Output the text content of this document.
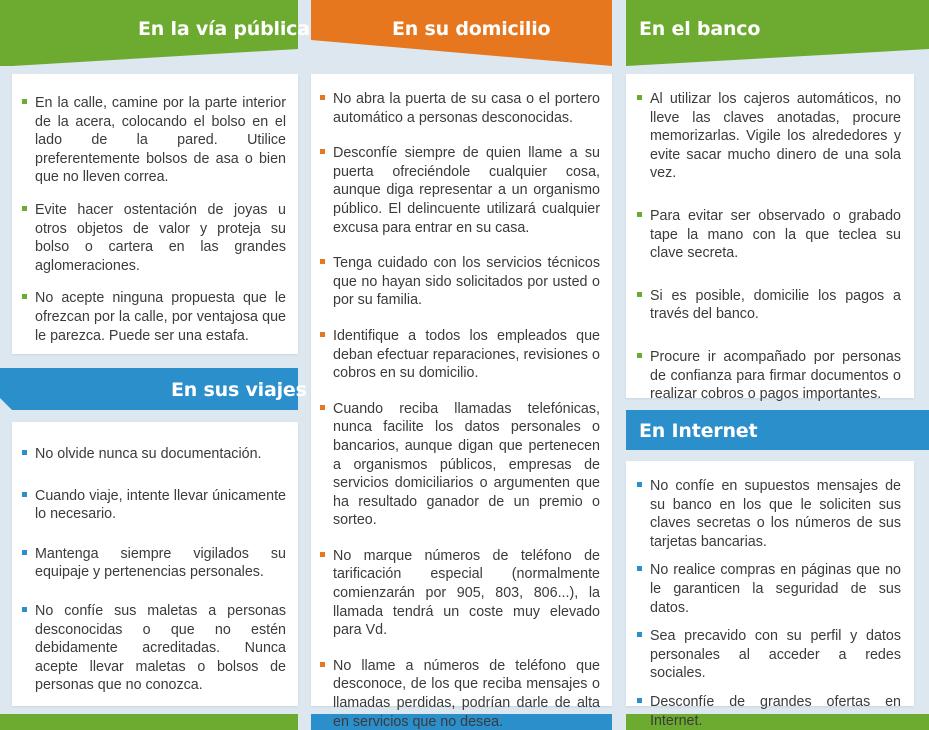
En la vía pública	En su domicilio	En el banco
En sus viajes
En Internet
En la calle, camine por la parte interior de la acera, colocando el bolso en el lado de la pared. Utilice preferentemente bolsos de asa o bien que no lleven correa.
Evite hacer ostentación de joyas u otros objetos de valor y proteja su bolso o cartera en las grandes aglomeraciones.
No acepte ninguna propuesta que le ofrezcan por la calle, por ventajosa que le parezca. Puede ser una estafa.
No olvide nunca su documentación.
Cuando viaje, intente llevar únicamente lo necesario.
Mantenga siempre vigilados su equipaje y pertenencias personales.
No confíe sus maletas a personas desconocidas o que no estén debidamente acreditadas. Nunca acepte llevar maletas o bolsos de personas que no conozca.
No abra la puerta de su casa o el portero automático a personas desconocidas.
Desconfíe siempre de quien llame a su puerta ofreciéndole cualquier cosa, aunque diga representar a un organismo público. El delincuente utilizará cualquier excusa para entrar en su casa.
Tenga cuidado con los servicios técnicos que no hayan sido solicitados por usted o por su familia.
Identifique a todos los empleados que deban efectuar reparaciones, revisiones o cobros en su domicilio.
Cuando reciba llamadas telefónicas, nunca facilite los datos personales o bancarios, aunque digan que pertenecen a organismos públicos, empresas de servicios domiciliarios o argumenten que ha resultado ganador de un premio o sorteo.
No marque números de teléfono de tarificación especial (normalmente comienzarán por 905, 803, 806...), la llamada tendrá un coste muy elevado para Vd.
No llame a números de teléfono que desconoce, de los que reciba mensajes o llamadas perdidas, podrían darle de alta en servicios que no desea.
Al utilizar los cajeros automáticos, no lleve las claves anotadas, procure memorizarlas. Vigile los alrededores y evite sacar mucho dinero de una sola vez.
Para evitar ser observado o grabado tape la mano con la que teclea su clave secreta.
Si es posible, domicilie los pagos a través del banco.
Procure ir acompañado por personas de confianza para firmar documentos o realizar cobros o pagos importantes.
No confíe en supuestos mensajes de su banco en los que le soliciten sus claves secretas o los números de sus tarjetas bancarias.
No realice compras en páginas que no le garanticen la seguridad de sus datos.
Sea precavido con su perfil y datos personales al acceder a redes sociales.
Desconfíe de grandes ofertas en Internet.
